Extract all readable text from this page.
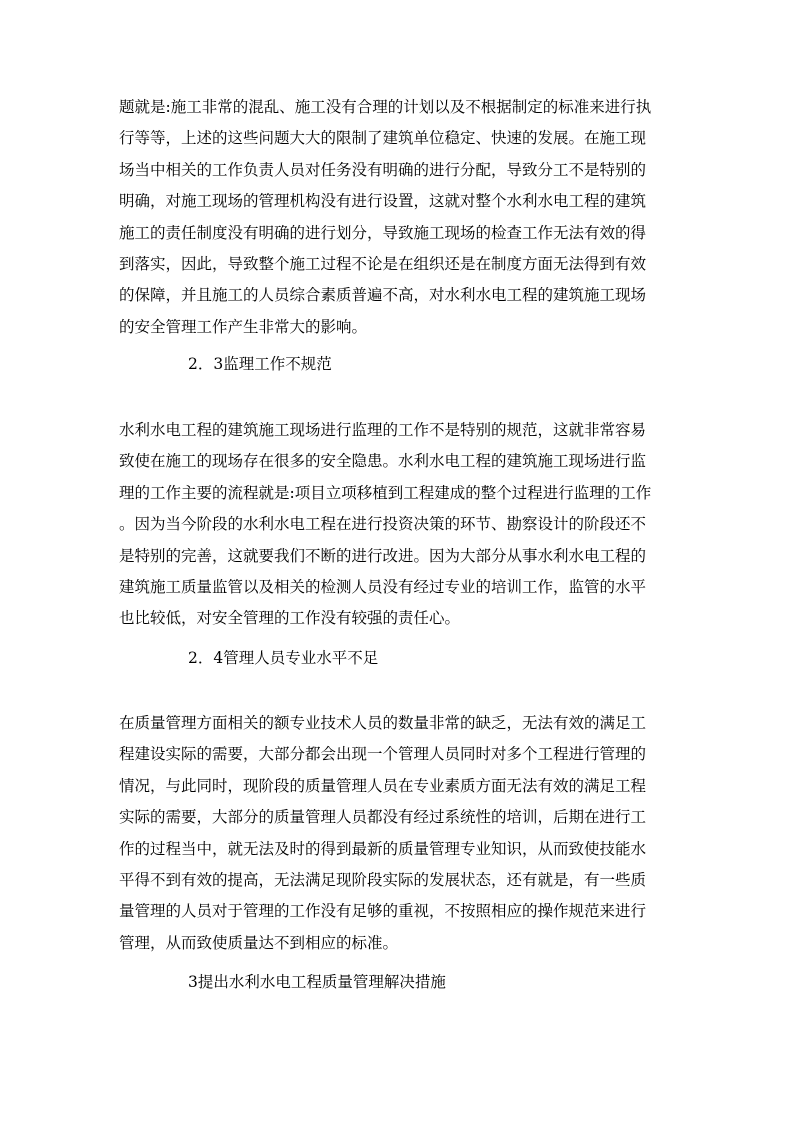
题就是:施工非常的混乱、施工没有合理的计划以及不根据制定的标准来进行执
行等等，上述的这些问题大大的限制了建筑单位稳定、快速的发展。在施工现
场当中相关的工作负责人员对任务没有明确的进行分配，导致分工不是特别的
明确，对施工现场的管理机构没有进行设置，这就对整个水利水电工程的建筑
施工的责任制度没有明确的进行划分，导致施工现场的检查工作无法有效的得
到落实，因此，导致整个施工过程不论是在组织还是在制度方面无法得到有效
的保障，并且施工的人员综合素质普遍不高，对水利水电工程的建筑施工现场
的安全管理工作产生非常大的影响。
2．3监理工作不规范
水利水电工程的建筑施工现场进行监理的工作不是特别的规范，这就非常容易
致使在施工的现场存在很多的安全隐患。水利水电工程的建筑施工现场进行监
理的工作主要的流程就是:项目立项移植到工程建成的整个过程进行监理的工作
。因为当今阶段的水利水电工程在进行投资决策的环节、勘察设计的阶段还不
是特别的完善，这就要我们不断的进行改进。因为大部分从事水利水电工程的
建筑施工质量监管以及相关的检测人员没有经过专业的培训工作，监管的水平
也比较低，对安全管理的工作没有较强的责任心。
2．4管理人员专业水平不足
在质量管理方面相关的额专业技术人员的数量非常的缺乏，无法有效的满足工
程建设实际的需要，大部分都会出现一个管理人员同时对多个工程进行管理的
情况，与此同时，现阶段的质量管理人员在专业素质方面无法有效的满足工程
实际的需要，大部分的质量管理人员都没有经过系统性的培训，后期在进行工
作的过程当中，就无法及时的得到最新的质量管理专业知识，从而致使技能水
平得不到有效的提高，无法满足现阶段实际的发展状态，还有就是，有一些质
量管理的人员对于管理的工作没有足够的重视，不按照相应的操作规范来进行
管理，从而致使质量达不到相应的标准。
3提出水利水电工程质量管理解决措施
